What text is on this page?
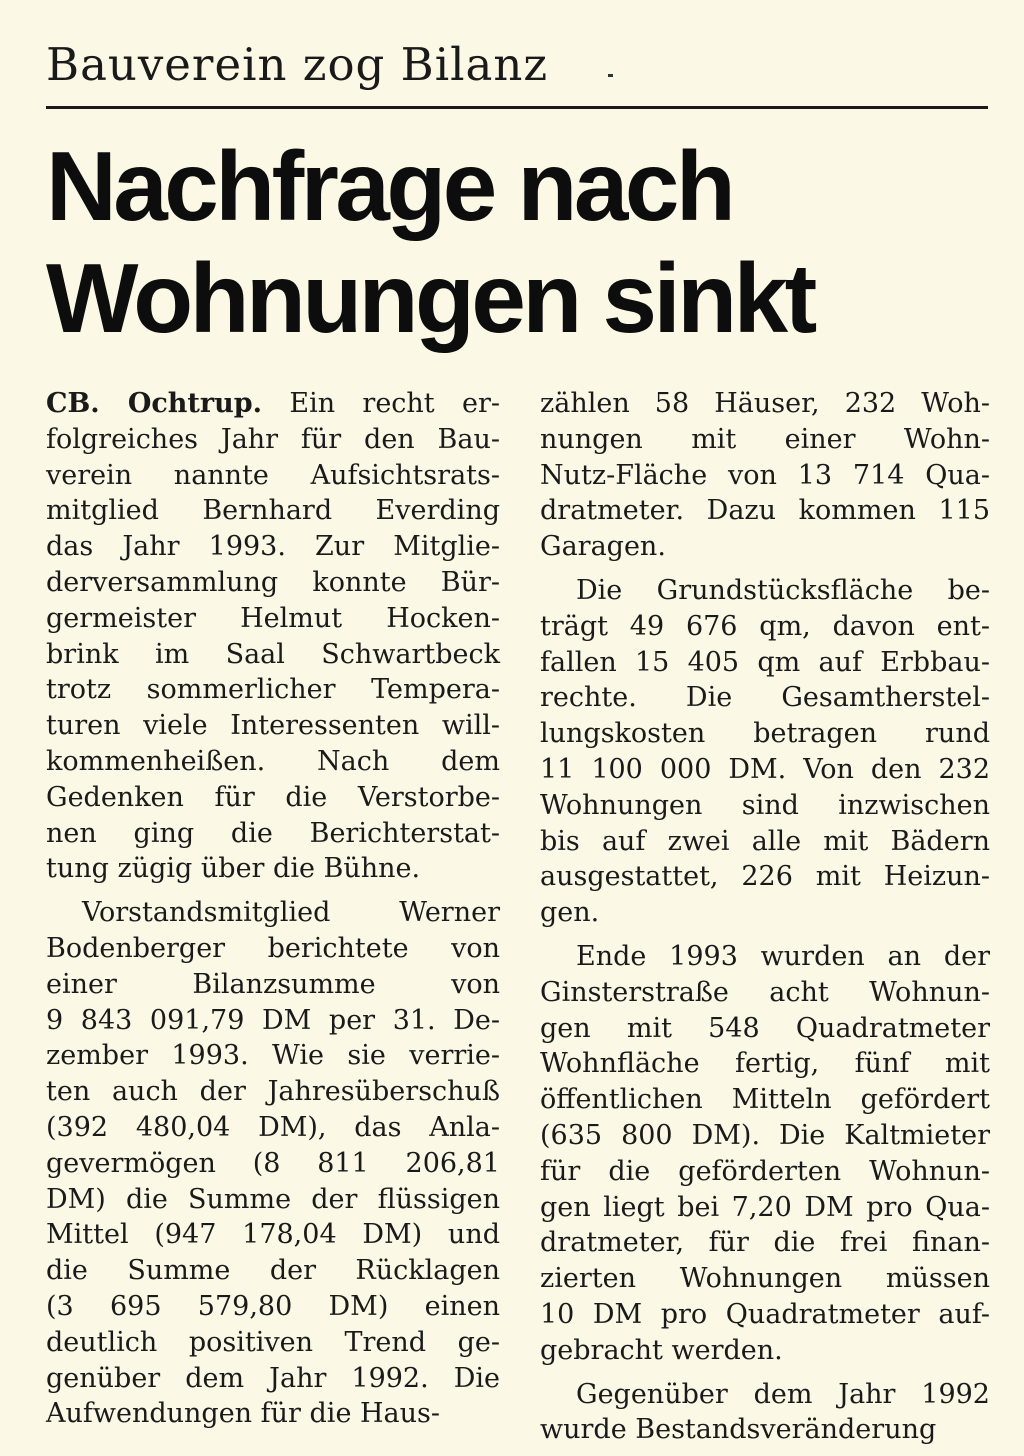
Bauverein zog Bilanz
Nachfrage nach
Wohnungen sinkt

CB. Ochtrup. Ein recht er-
folgreiches Jahr für den Bau-
verein nannte Aufsichtsrats-
mitglied Bernhard Everding
das Jahr 1993. Zur Mitglie-
derversammlung konnte Bür-
germeister Helmut Hocken-
brink im Saal Schwartbeck
trotz sommerlicher Tempera-
turen viele Interessenten will-
kommenheißen. Nach dem
Gedenken für die Verstorbe-
nen ging die Berichterstat-
tung zügig über die Bühne.

Vorstandsmitglied Werner
Bodenberger berichtete von
einer Bilanzsumme von
9 843 091,79 DM per 31. De-
zember 1993. Wie sie verrie-
ten auch der Jahresüberschuß
(392 480,04 DM), das Anla-
gevermögen (8 811 206,81
DM) die Summe der flüssigen
Mittel (947 178,04 DM) und
die Summe der Rücklagen
(3 695 579,80 DM) einen
deutlich positiven Trend ge-
genüber dem Jahr 1992. Die
Aufwendungen für die Haus-

zählen 58 Häuser, 232 Woh-
nungen mit einer Wohn-
Nutz-Fläche von 13 714 Qua-
dratmeter. Dazu kommen 115
Garagen.

Die Grundstücksfläche be-
trägt 49 676 qm, davon ent-
fallen 15 405 qm auf Erbbau-
rechte. Die Gesamtherstel-
lungskosten betragen rund
11 100 000 DM. Von den 232
Wohnungen sind inzwischen
bis auf zwei alle mit Bädern
ausgestattet, 226 mit Heizun-
gen.

Ende 1993 wurden an der
Ginsterstraße acht Wohnun-
gen mit 548 Quadratmeter
Wohnfläche fertig, fünf mit
öffentlichen Mitteln gefördert
(635 800 DM). Die Kaltmieter
für die geförderten Wohnun-
gen liegt bei 7,20 DM pro Qua-
dratmeter, für die frei finan-
zierten Wohnungen müssen
10 DM pro Quadratmeter auf-
gebracht werden.

Gegenüber dem Jahr 1992
wurde Bestandsveränderung
